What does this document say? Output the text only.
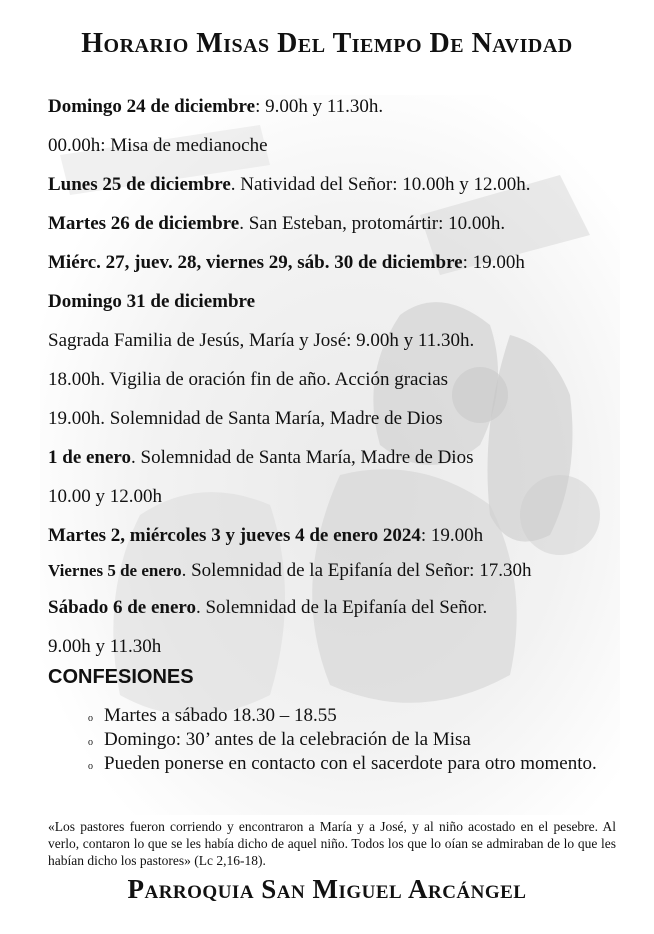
Horario Misas Del Tiempo De Navidad
Domingo 24 de diciembre: 9.00h y 11.30h.
00.00h: Misa de medianoche
Lunes 25 de diciembre. Natividad del Señor: 10.00h y 12.00h.
Martes 26 de diciembre. San Esteban, protomártir: 10.00h.
Miérc. 27, juev. 28, viernes 29, sáb. 30 de diciembre: 19.00h
Domingo 31 de diciembre
Sagrada Familia de Jesús, María y José: 9.00h y 11.30h.
18.00h. Vigilia de oración fin de año. Acción gracias
19.00h. Solemnidad de Santa María, Madre de Dios
1 de enero. Solemnidad de Santa María, Madre de Dios
10.00 y 12.00h
Martes 2, miércoles 3 y jueves 4 de enero 2024: 19.00h
Viernes 5 de enero. Solemnidad de la Epifanía del Señor: 17.30h
Sábado 6 de enero. Solemnidad de la Epifanía del Señor.
9.00h y 11.30h
CONFESIONES
o Martes a sábado 18.30 – 18.55
o Domingo: 30’ antes de la celebración de la Misa
o Pueden ponerse en contacto con el sacerdote para otro momento.
«Los pastores fueron corriendo y encontraron a María y a José, y al niño acostado en el pesebre. Al verlo, contaron lo que se les había dicho de aquel niño. Todos los que lo oían se admiraban de lo que les habían dicho los pastores» (Lc 2,16-18).
Parroquia San Miguel Arcángel
